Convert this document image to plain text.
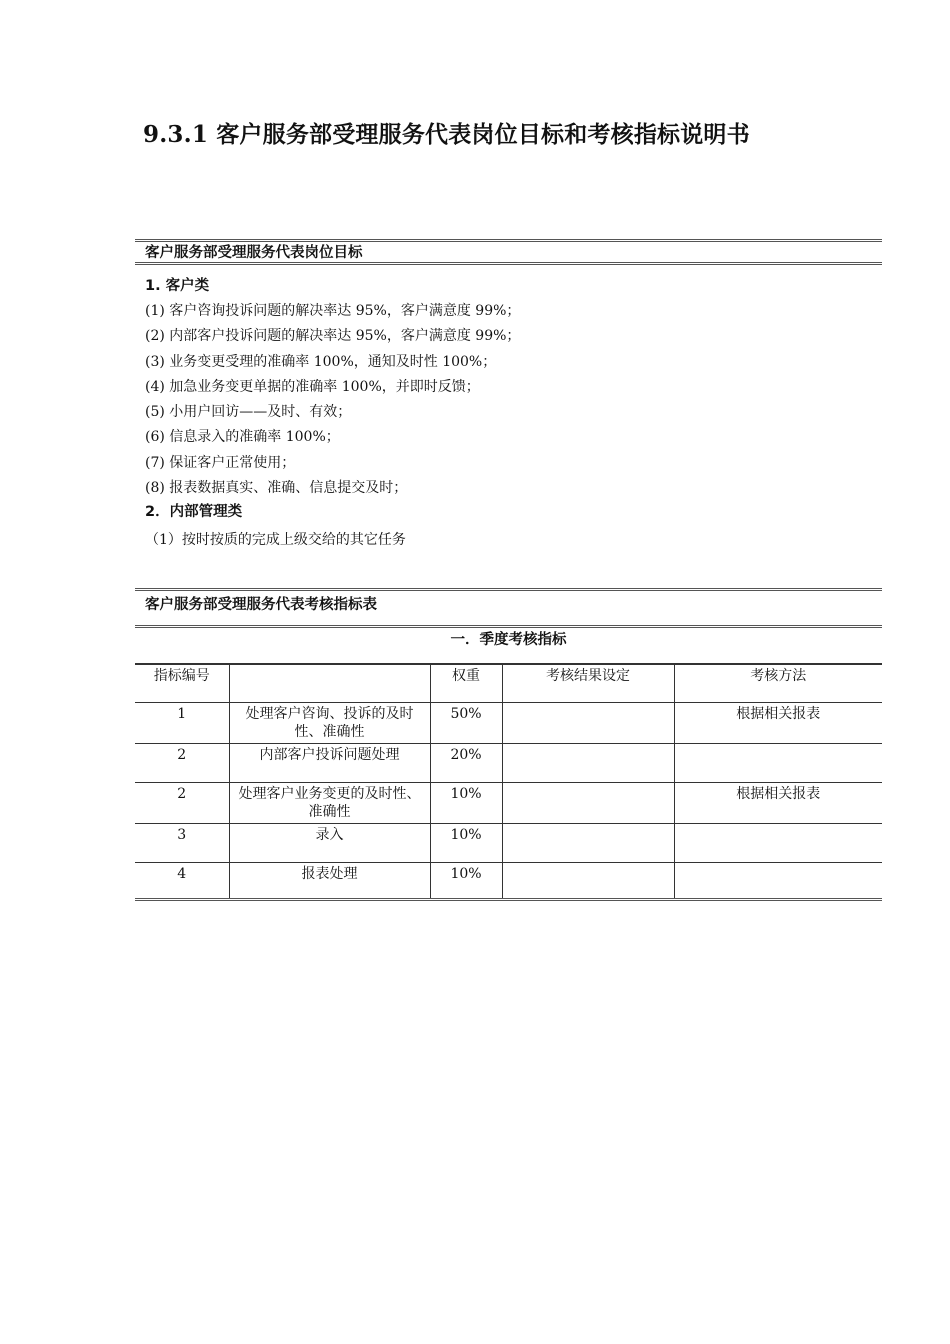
9.3.1 客户服务部受理服务代表岗位目标和考核指标说明书
客户服务部受理服务代表岗位目标
1. 客户类
(1) 客户咨询投诉问题的解决率达 95%，客户满意度 99%；
(2) 内部客户投诉问题的解决率达 95%，客户满意度 99%；
(3) 业务变更受理的准确率 100%，通知及时性 100%；
(4) 加急业务变更单据的准确率 100%，并即时反馈；
(5) 小用户回访——及时、有效；
(6) 信息录入的准确率 100%；
(7) 保证客户正常使用；
(8) 报表数据真实、准确、信息提交及时；
2．内部管理类
（1）按时按质的完成上级交给的其它任务
客户服务部受理服务代表考核指标表
一．季度考核指标
指标编号		权重	考核结果设定	考核方法
1	处理客户咨询、投诉的及时性、准确性	50%		根据相关报表
2	内部客户投诉问题处理	20%		
2	处理客户业务变更的及时性、准确性	10%		根据相关报表
3	录入	10%		
4	报表处理	10%		
